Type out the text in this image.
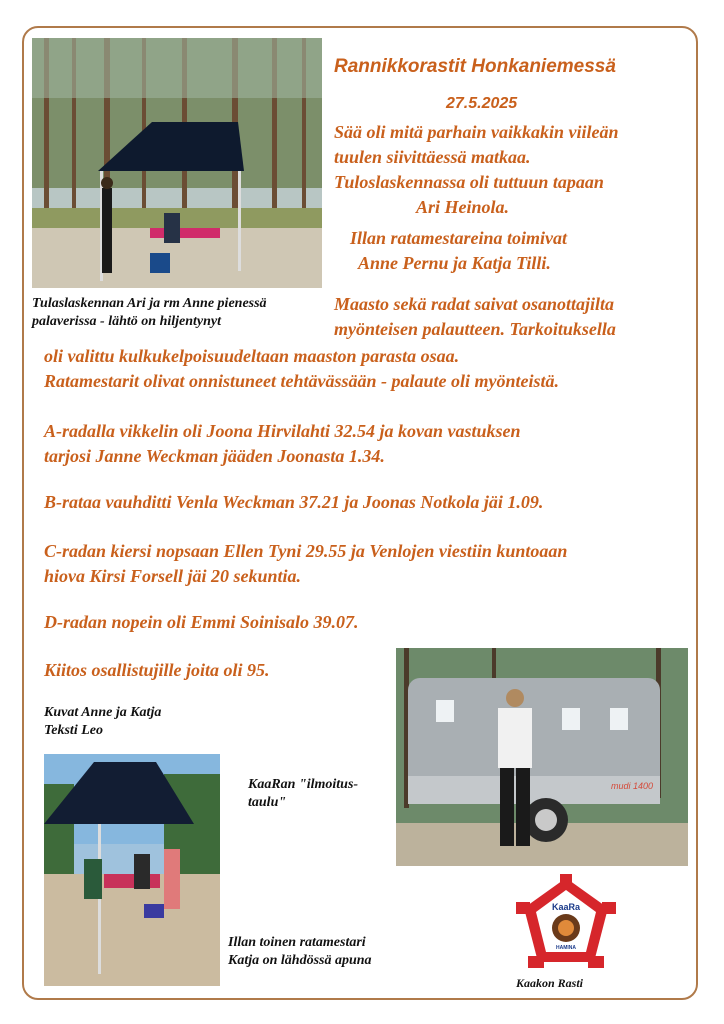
Rannikkorastit Honkaniemessä
27.5.2025

Sää oli mitä parhain vaikkakin viileän
tuulen siivittäessä matkaa.

Tuloslaskennassa oli tuttuun tapaan
Ari Heinola.

Illan ratamestareina toimivat
Anne Pernu ja Katja Tilli.

Tulaslaskennan Ari ja rm Anne pienessä
palaverissa - lähtö on hiljentynyt

Maasto sekä radat saivat osanottajilta
myönteisen palautteen. Tarkoituksella

oli valittu kulkukelpoisuudeltaan maaston parasta osaa.
Ratamestarit olivat onnistuneet tehtävässään - palaute oli myönteistä.

A-radalla vikkelin oli Joona Hirvilahti 32.54 ja kovan vastuksen
tarjosi Janne Weckman jääden Joonasta 1.34.

B-rataa vauhditti Venla Weckman 37.21 ja Joonas Notkola jäi 1.09.

C-radan kiersi nopsaan Ellen Tyni 29.55 ja Venlojen viestiin kuntoaan
hiova Kirsi Forsell jäi 20 sekuntia.

D-radan nopein oli Emmi Soinisalo 39.07.

Kiitos osallistujille joita oli 95.

Kuvat Anne ja Katja
Teksti Leo
mudi 1400
KaaRan "ilmoitus-
taulu"
Illan toinen ratamestari
Katja on lähdössä apuna
KaaRa
HAMINA
Kaakon Rasti
